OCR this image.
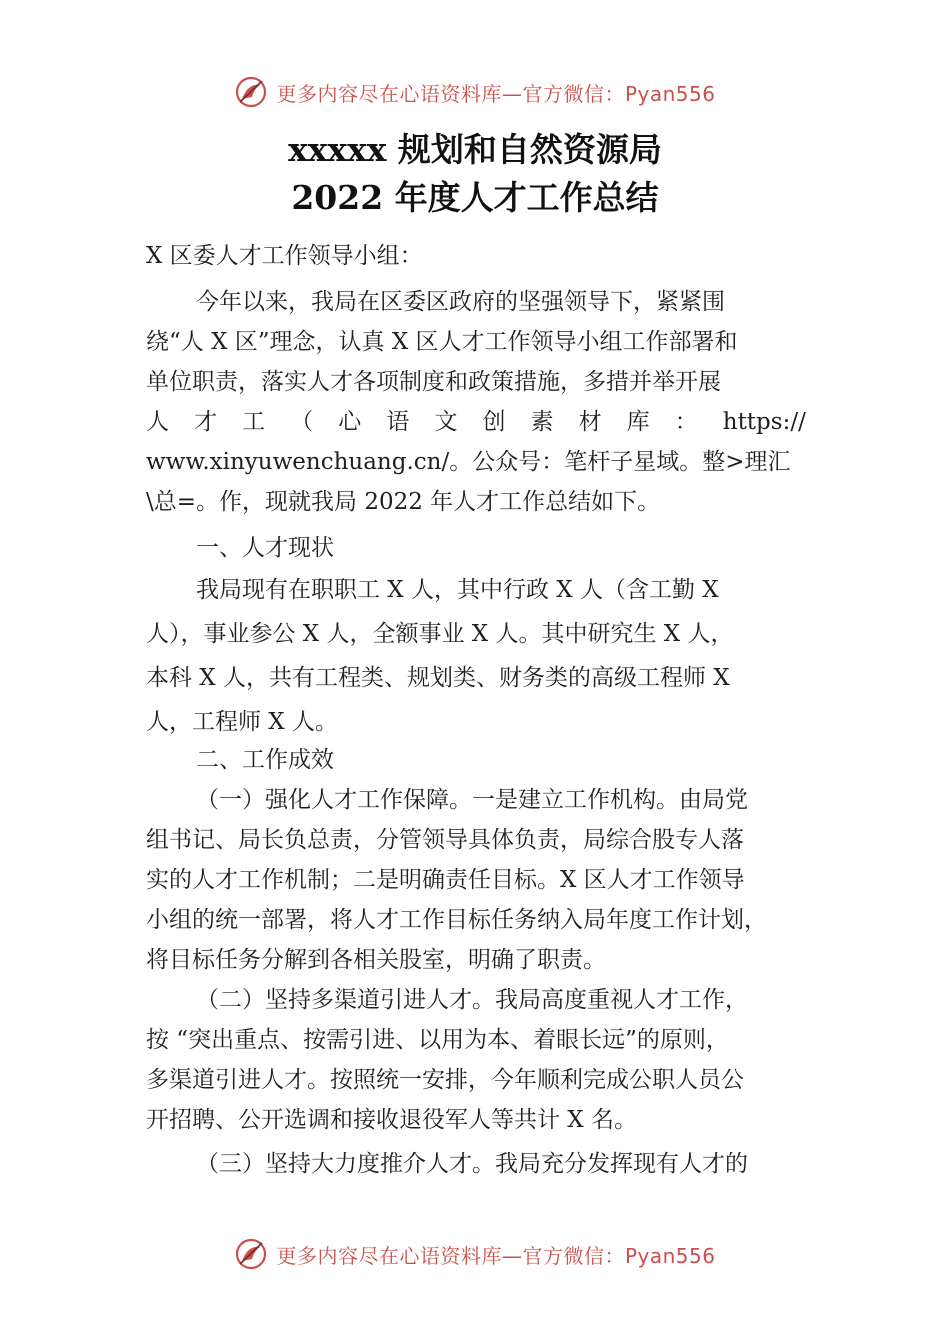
更多内容尽在心语资料库—官方微信：Pyan556
xxxxx 规划和自然资源局
2022 年度人才工作总结
X 区委人才工作领导小组：
今年以来，我局在区委区政府的坚强领导下，紧紧围
绕“人 X 区”理念，认真 X 区人才工作领导小组工作部署和
单位职责，落实人才各项制度和政策措施，多措并举开展
人 才 工 （ 心 语 文 创 素 材 库 ： https://
www.xinyuwenchuang.cn/。公众号：笔杆子星域。整>理汇
\总=。作，现就我局 2022 年人才工作总结如下。
一、人才现状
我局现有在职职工 X 人，其中行政 X 人（含工勤 X
人），事业参公 X 人，全额事业 X 人。其中研究生 X 人，
本科 X 人，共有工程类、规划类、财务类的高级工程师 X
人，工程师 X 人。
二、工作成效
（一）强化人才工作保障。一是建立工作机构。由局党
组书记、局长负总责，分管领导具体负责，局综合股专人落
实的人才工作机制；二是明确责任目标。X 区人才工作领导
小组的统一部署，将人才工作目标任务纳入局年度工作计划，
将目标任务分解到各相关股室，明确了职责。
（二）坚持多渠道引进人才。我局高度重视人才工作，
按 “突出重点、按需引进、以用为本、着眼长远”的原则，
多渠道引进人才。按照统一安排，今年顺利完成公职人员公
开招聘、公开选调和接收退役军人等共计 X 名。
（三）坚持大力度推介人才。我局充分发挥现有人才的
更多内容尽在心语资料库—官方微信：Pyan556
